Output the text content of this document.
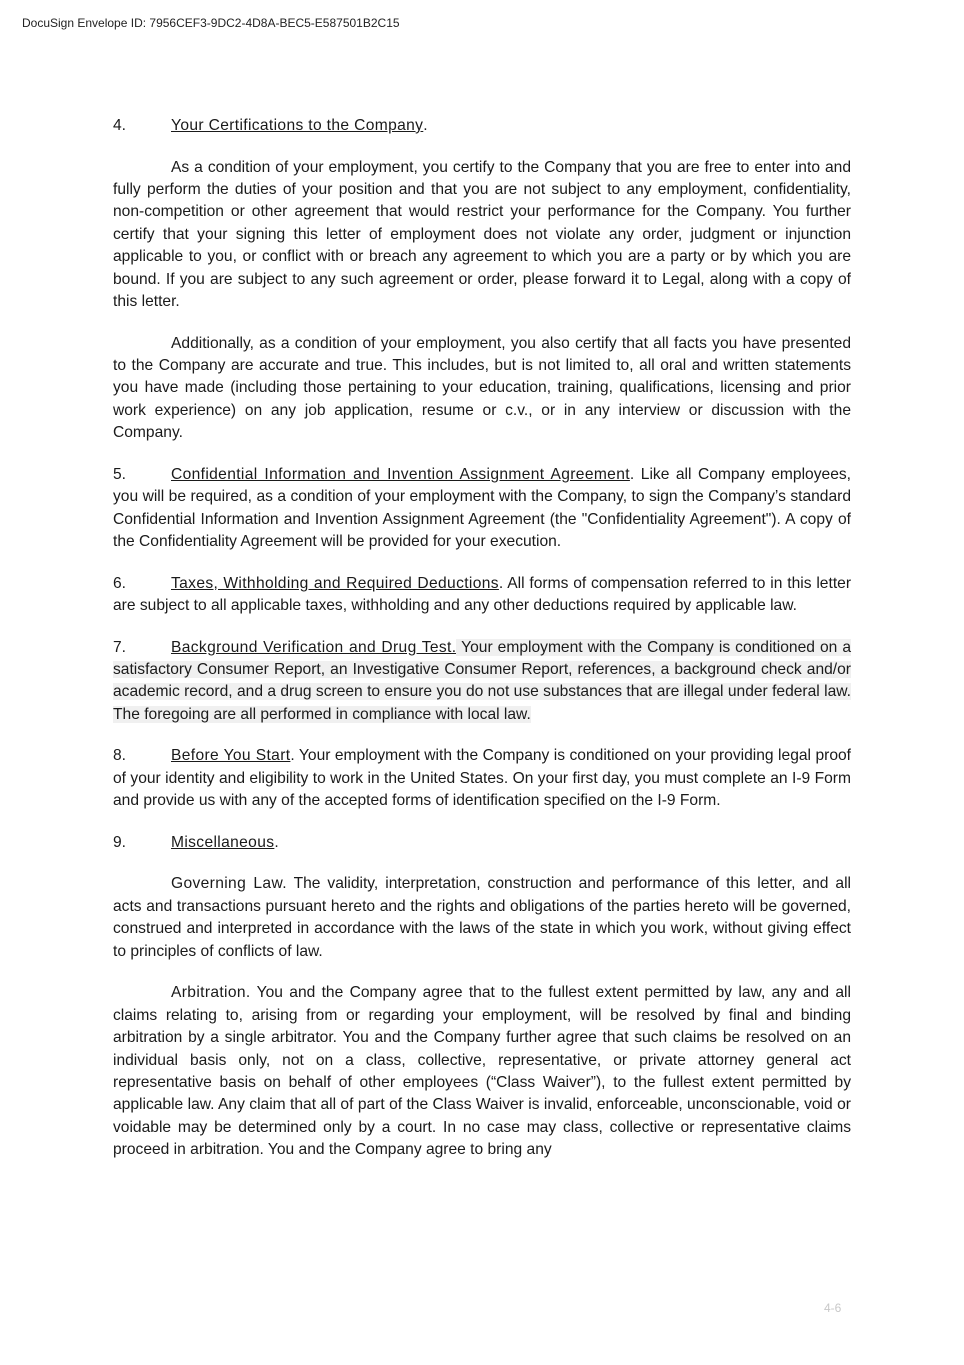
DocuSign Envelope ID: 7956CEF3-9DC2-4D8A-BEC5-E587501B2C15

4.	Your Certifications to the Company.

As a condition of your employment, you certify to the Company that you are free to enter into and fully perform the duties of your position and that you are not subject to any employment, confidentiality, non-competition or other agreement that would restrict your performance for the Company. You further certify that your signing this letter of employment does not violate any order, judgment or injunction applicable to you, or conflict with or breach any agreement to which you are a party or by which you are bound. If you are subject to any such agreement or order, please forward it to Legal, along with a copy of this letter.

Additionally, as a condition of your employment, you also certify that all facts you have presented to the Company are accurate and true. This includes, but is not limited to, all oral and written statements you have made (including those pertaining to your education, training, qualifications, licensing and prior work experience) on any job application, resume or c.v., or in any interview or discussion with the Company.

5.	Confidential Information and Invention Assignment Agreement. Like all Company employees, you will be required, as a condition of your employment with the Company, to sign the Company’s standard Confidential Information and Invention Assignment Agreement (the "Confidentiality Agreement"). A copy of the Confidentiality Agreement will be provided for your execution.

6.	Taxes, Withholding and Required Deductions. All forms of compensation referred to in this letter are subject to all applicable taxes, withholding and any other deductions required by applicable law.

7.	Background Verification and Drug Test. Your employment with the Company is conditioned on a satisfactory Consumer Report, an Investigative Consumer Report, references, a background check and/or academic record, and a drug screen to ensure you do not use substances that are illegal under federal law. The foregoing are all performed in compliance with local law.

8.	Before You Start. Your employment with the Company is conditioned on your providing legal proof of your identity and eligibility to work in the United States. On your first day, you must complete an I-9 Form and provide us with any of the accepted forms of identification specified on the I-9 Form.

9.	Miscellaneous.

Governing Law. The validity, interpretation, construction and performance of this letter, and all acts and transactions pursuant hereto and the rights and obligations of the parties hereto will be governed, construed and interpreted in accordance with the laws of the state in which you work, without giving effect to principles of conflicts of law.

Arbitration. You and the Company agree that to the fullest extent permitted by law, any and all claims relating to, arising from or regarding your employment, will be resolved by final and binding arbitration by a single arbitrator. You and the Company further agree that such claims be resolved on an individual basis only, not on a class, collective, representative, or private attorney general act representative basis on behalf of other employees (“Class Waiver”), to the fullest extent permitted by applicable law. Any claim that all of part of the Class Waiver is invalid, enforceable, unconscionable, void or voidable may be determined only by a court. In no case may class, collective or representative claims proceed in arbitration. You and the Company agree to bring any

4-6
